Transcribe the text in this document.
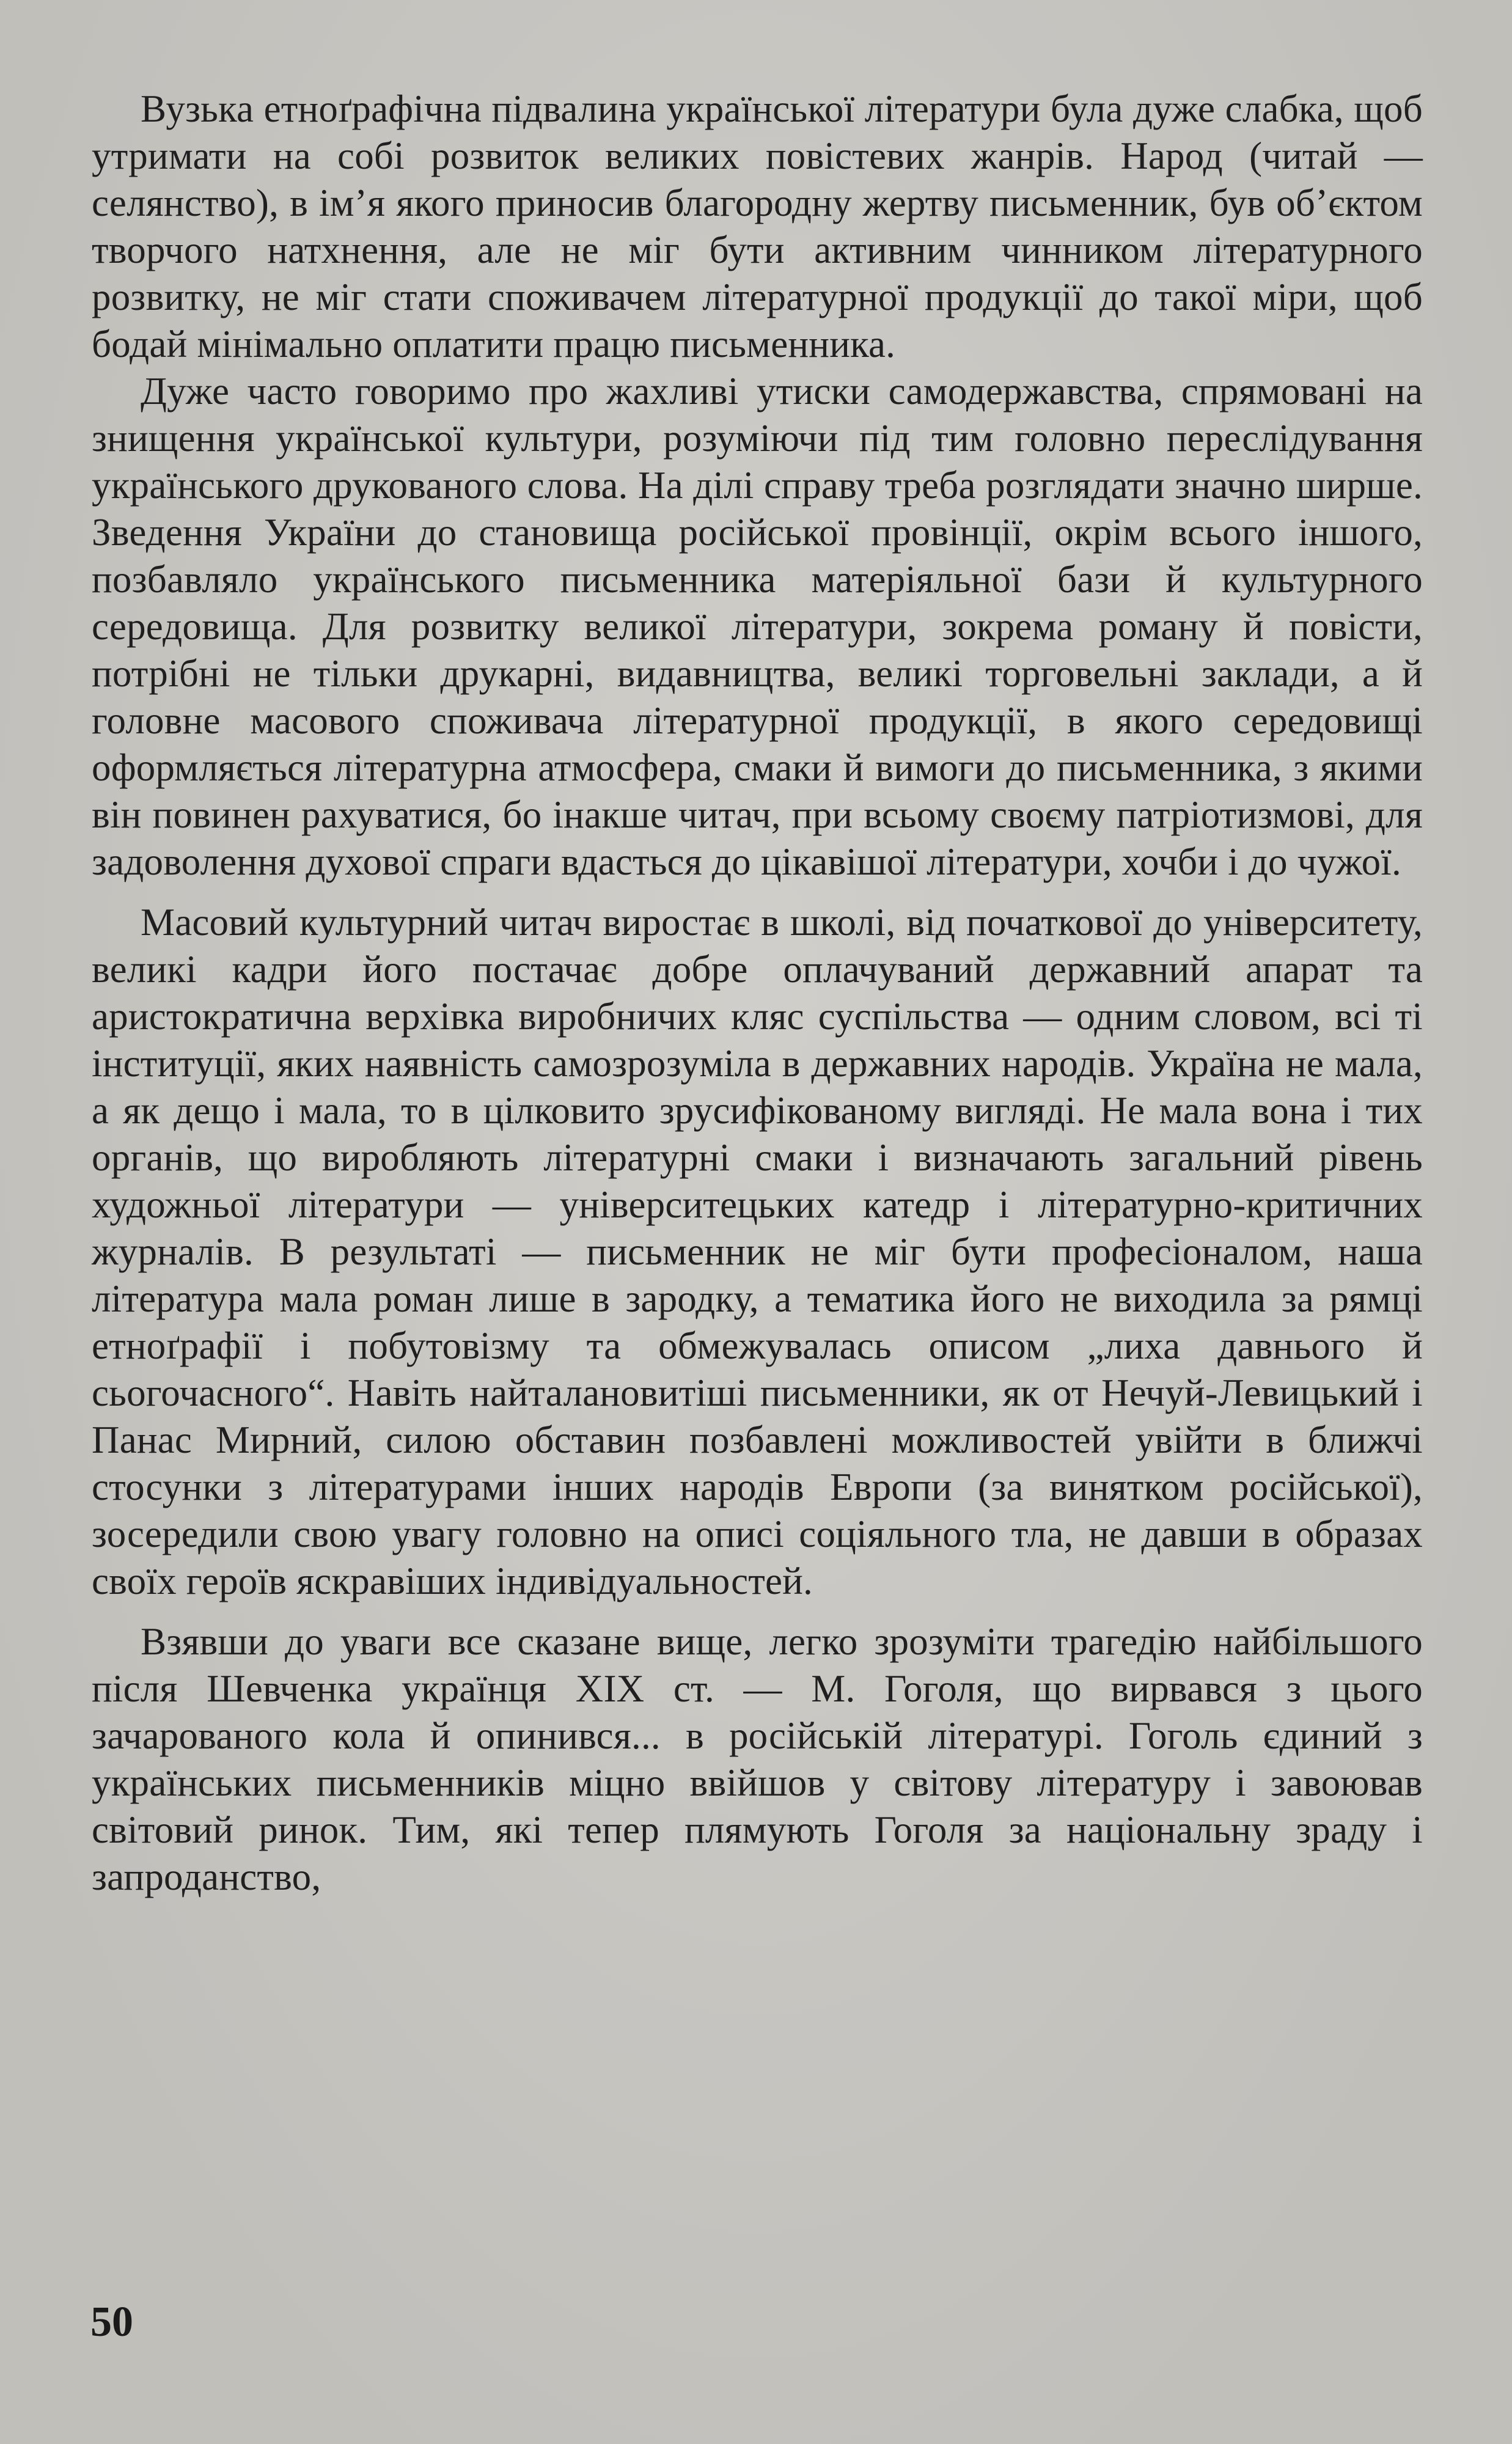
Вузька етноґрафічна підвалина української літератури була дуже слабка, щоб утримати на собі розвиток великих повістевих жанрів. Народ (читай — селянство), в ім’я якого приносив благородну жертву письменник, був об’єктом творчого натхнення, але не міг бути активним чинником літературного розвитку, не міг стати споживачем літературної продукції до такої міри, щоб бодай мінімально оплатити працю письменника.

Дуже часто говоримо про жахливі утиски самодержавства, спрямовані на знищення української культури, розуміючи під тим головно переслідування українського друкованого слова. На ділі справу треба розглядати значно ширше. Зведення України до становища російської провінції, окрім всього іншого, позбавляло українського письменника матеріяльної бази й культурного середовища. Для розвитку великої літератури, зокрема роману й повісти, потрібні не тільки друкарні, видавництва, великі торговельні заклади, а й головне масового споживача літературної продукції, в якого середовищі оформляється літературна атмосфера, смаки й вимоги до письменника, з якими він повинен рахуватися, бо інакше читач, при всьому своєму патріотизмові, для задоволення духової спраги вдасться до цікавішої літератури, хочби і до чужої.

Масовий культурний читач виростає в школі, від початкової до університету, великі кадри його постачає добре оплачуваний державний апарат та аристократична верхівка виробничих кляс суспільства — одним словом, всі ті інституції, яких наявність самозрозуміла в державних народів. Україна не мала, а як дещо і мала, то в цілковито зрусифікованому вигляді. Не мала вона і тих органів, що виробляють літературні смаки і визначають загальний рівень художньої літератури — університецьких катедр і літературно-критичних журналів. В результаті — письменник не міг бути професіоналом, наша література мала роман лише в зародку, а тематика його не виходила за рямці етноґрафії і побутовізму та обмежувалась описом „лиха давнього й сьогочасного“. Навіть найталановитіші письменники, як от Нечуй-Левицький і Панас Мирний, силою обставин позбавлені можливостей увійти в ближчі стосунки з літературами інших народів Европи (за винятком російської), зосередили свою увагу головно на описі соціяльного тла, не давши в образах своїх героїв яскравіших індивідуальностей.

Взявши до уваги все сказане вище, легко зрозуміти трагедію найбільшого після Шевченка українця XIX ст. — М. Гоголя, що вирвався з цього зачарованого кола й опинився... в російській літературі. Гоголь єдиний з українських письменників міцно ввійшов у світову літературу і завоював світовий ринок. Тим, які тепер плямують Гоголя за національну зраду і запроданство,

50
